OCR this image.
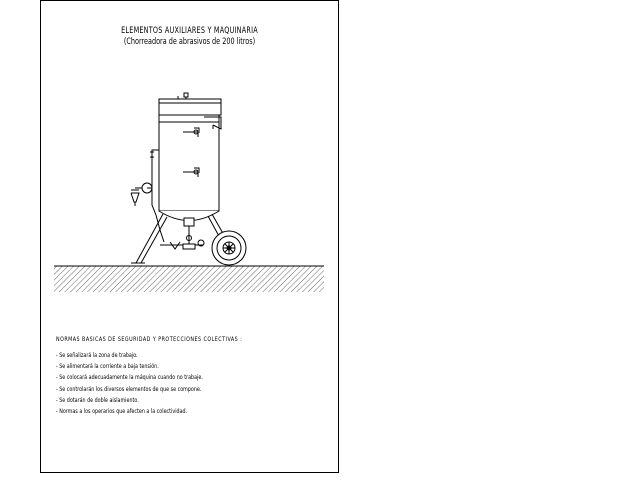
ELEMENTOS AUXILIARES Y MAQUINARIA
(Chorreadora de abrasivos de 200 litros)
NORMAS BASICAS DE SEGURIDAD Y PROTECCIONES COLECTIVAS :
- Se señalizará la zona de trabajo.
- Se alimentará la corriente a baja tensión.
- Se colocará adecuadamente la máquina cuando no trabaje.
- Se controlarán los diversos elementos de que se compone.
- Se dotarán de doble aislamiento.
- Normas a los operarios que afecten a la colectividad.
